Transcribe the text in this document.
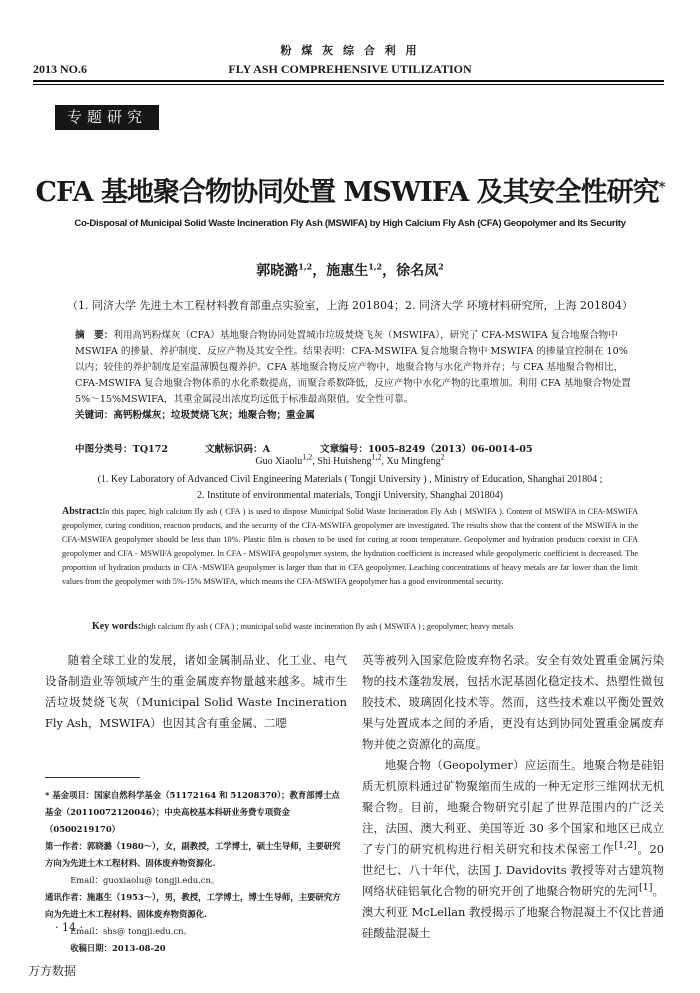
粉 煤 灰 综 合 利 用
2013 NO.6	FLY ASH COMPREHENSIVE UTILIZATION
专题研究
CFA 基地聚合物协同处置 MSWIFA 及其安全性研究*
Co-Disposal of Municipal Solid Waste Incineration Fly Ash (MSWIFA) by High Calcium Fly Ash (CFA) Geopolymer and Its Security
郭晓潞$^{1,2}$，施惠生$^{1,2}$，徐名凤$^2$
（1. 同济大学 先进土木工程材料教育部重点实验室，上海 201804；2. 同济大学 环境材料研究所，上海 201804）

摘　要：利用高钙粉煤灰（CFA）基地聚合物协同处置城市垃圾焚烧飞灰（MSWIFA），研究了 CFA-MSWIFA 复合地聚合物中 MSWIFA 的掺量、养护制度、反应产物及其安全性。结果表明：CFA-MSWIFA 复合地聚合物中 MSWIFA 的掺量宜控制在 10%以内；较佳的养护制度是室温薄膜包覆养护。CFA 基地聚合物反应产物中，地聚合物与水化产物并存；与 CFA 基地聚合物相比，CFA-MSWIFA 复合地聚合物体系的水化系数提高，而聚合系数降低，反应产物中水化产物的比重增加。利用 CFA 基地聚合物处置 5%～15%MSWIFA，其重金属浸出浓度均远低于标准最高限值，安全性可靠。

关键词：高钙粉煤灰；垃圾焚烧飞灰；地聚合物；重金属

中图分类号：TQ172	文献标识码：A	文章编号：1005-8249（2013）06-0014-05
Guo Xiaolu$^{1,2}$, Shi Huisheng$^{1,2}$, Xu Mingfeng$^2$
(1. Key Laboratory of Advanced Civil Engineering Materials ( Tongji University ) , Ministry of Education, Shanghai 201804 ;
2. Institute of environmental materials, Tongji University, Shanghai 201804)
Abstract:In this paper, high calcium fly ash ( CFA ) is used to dispose Municipal Solid Waste Incineration Fly Ash ( MSWIFA ). Content of MSWIFA in CFA-MSWIFA geopolymer, curing condition, reaction products, and the security of the CFA-MSWIFA geopolymer are investigated. The results show that the content of the MSWIFA in the CFA-MSWIFA geopolymer should be less than 10%. Plastic film is chosen to be used for curing at room temperature. Geopolymer and hydration products coexist in CFA geopolymer and CFA - MSWIFA geopolymer. In CFA - MSWIFA geopolymer system, the hydration coefficient is increased while geopolymeric coefficient is decreased. The proportion of hydration products in CFA -MSWIFA geopolymer is larger than that in CFA geopolymer. Leaching concentrations of heavy metals are far lower than the limit values from the geopolymer with 5%-15% MSWIFA, which means the CFA-MSWIFA geopolymer has a good environmental security.
Key words:high calcium fly ash ( CFA ) ; municipal solid waste incineration fly ash ( MSWIFA ) ; geopolymer; heavy metals

随着全球工业的发展，诸如金属制品业、化工业、电气设备制造业等领域产生的重金属废弃物量越来越多。城市生活垃圾焚烧飞灰（Municipal Solid Waste Incineration Fly Ash，MSWIFA）也因其含有重金属、二噁

* 基金项目：国家自然科学基金（51172164 和 51208370）；教育部博士点基金（20110072120046）；中央高校基本科研业务费专项资金（0500219170）

第一作者：郭晓潞（1980～），女，副教授，工学博士，硕士生导师，主要研究方向为先进土木工程材料、固体废弃物资源化.

Email：guoxiaolu@ tongji.edu.cn。

通讯作者：施惠生（1953～），男，教授，工学博士，博士生导师，主要研究方向为先进土木工程材料、固体废弃物资源化.

Email：shs@ tongji.edu.cn。

收稿日期：2013-08-20

英等被列入国家危险废弃物名录。安全有效处置重金属污染物的技术蓬勃发展，包括水泥基固化稳定技术、热塑性微包胶技术、玻璃固化技术等。然而，这些技术难以平衡处置效果与处置成本之间的矛盾，更没有达到协同处置重金属废弃物并使之资源化的高度。

地聚合物（Geopolymer）应运而生。地聚合物是硅铝质无机原料通过矿物聚缩而生成的一种无定形三维网状无机聚合物。目前，地聚合物研究引起了世界范围内的广泛关注，法国、澳大利亚、美国等近 30 多个国家和地区已成立了专门的研究机构进行相关研究和技术保密工作[1,2]。20 世纪七、八十年代，法国 J. Davidovits 教授等对古建筑物网络状硅铝氧化合物的研究开创了地聚合物研究的先河[1]。澳大利亚 McLellan 教授揭示了地聚合物混凝土不仅比普通硅酸盐混凝土

· 14 ·
万方数据
